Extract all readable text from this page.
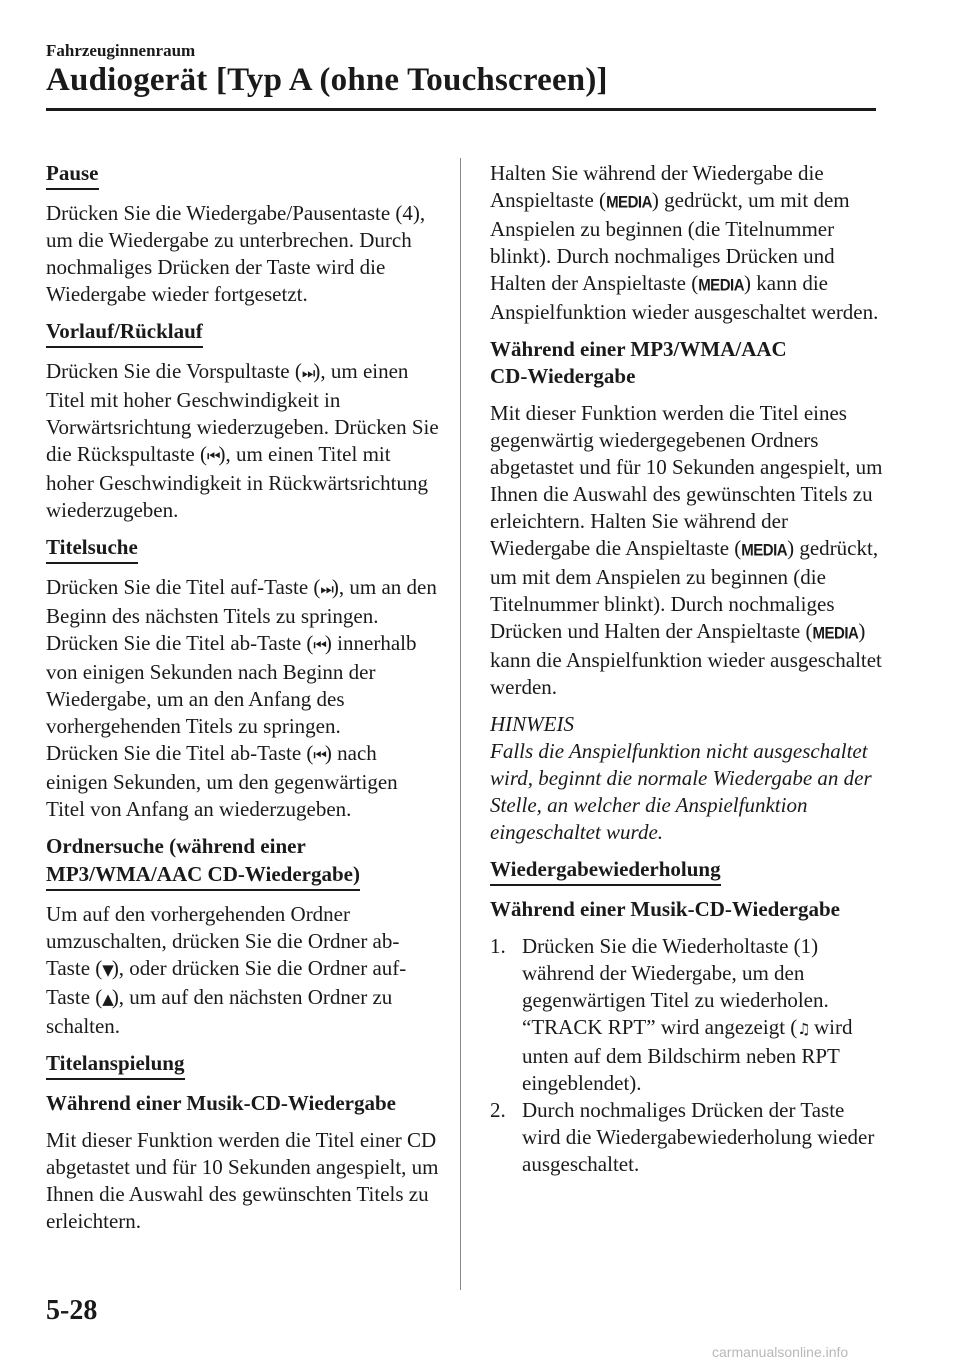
Fahrzeuginnenraum
Audiogerät [Typ A (ohne Touchscreen)]
Pause

Drücken Sie die Wiedergabe/Pausentaste (4), um die Wiedergabe zu unterbrechen. Durch nochmaliges Drücken der Taste wird die Wiedergabe wieder fortgesetzt.

Vorlauf/Rücklauf

Drücken Sie die Vorspultaste (⏭), um einen Titel mit hoher Geschwindigkeit in Vorwärtsrichtung wiederzugeben. Drücken Sie die Rückspultaste (⏮), um einen Titel mit hoher Geschwindigkeit in Rückwärtsrichtung wiederzugeben.

Titelsuche

Drücken Sie die Titel auf-Taste (⏭), um an den Beginn des nächsten Titels zu springen.
Drücken Sie die Titel ab-Taste (⏮) innerhalb von einigen Sekunden nach Beginn der Wiedergabe, um an den Anfang des vorhergehenden Titels zu springen.
Drücken Sie die Titel ab-Taste (⏮) nach einigen Sekunden, um den gegenwärtigen Titel von Anfang an wiederzugeben.

Ordnersuche (während einer
MP3/WMA/AAC CD-Wiedergabe)

Um auf den vorhergehenden Ordner umzuschalten, drücken Sie die Ordner ab-Taste (▼), oder drücken Sie die Ordner auf-Taste (▲), um auf den nächsten Ordner zu schalten.

Titelanspielung
Während einer Musik-CD-Wiedergabe

Mit dieser Funktion werden die Titel einer CD abgetastet und für 10 Sekunden angespielt, um Ihnen die Auswahl des gewünschten Titels zu erleichtern.

Halten Sie während der Wiedergabe die Anspieltaste (MEDIA) gedrückt, um mit dem Anspielen zu beginnen (die Titelnummer blinkt). Durch nochmaliges Drücken und Halten der Anspieltaste (MEDIA) kann die Anspielfunktion wieder ausgeschaltet werden.

Während einer MP3/WMA/AAC
CD-Wiedergabe

Mit dieser Funktion werden die Titel eines gegenwärtig wiedergegebenen Ordners abgetastet und für 10 Sekunden angespielt, um Ihnen die Auswahl des gewünschten Titels zu erleichtern. Halten Sie während der Wiedergabe die Anspieltaste (MEDIA) gedrückt, um mit dem Anspielen zu beginnen (die Titelnummer blinkt). Durch nochmaliges Drücken und Halten der Anspieltaste (MEDIA) kann die Anspielfunktion wieder ausgeschaltet werden.

HINWEIS

Falls die Anspielfunktion nicht ausgeschaltet wird, beginnt die normale Wiedergabe an der Stelle, an welcher die Anspielfunktion eingeschaltet wurde.

Wiedergabewiederholung
Während einer Musik-CD-Wiedergabe
1. Drücken Sie die Wiederholtaste (1) während der Wiedergabe, um den gegenwärtigen Titel zu wiederholen. “TRACK RPT” wird angezeigt (♫ wird unten auf dem Bildschirm neben RPT eingeblendet).
2. Durch nochmaliges Drücken der Taste wird die Wiedergabewiederholung wieder ausgeschaltet.
5-28
carmanualsonline.info
